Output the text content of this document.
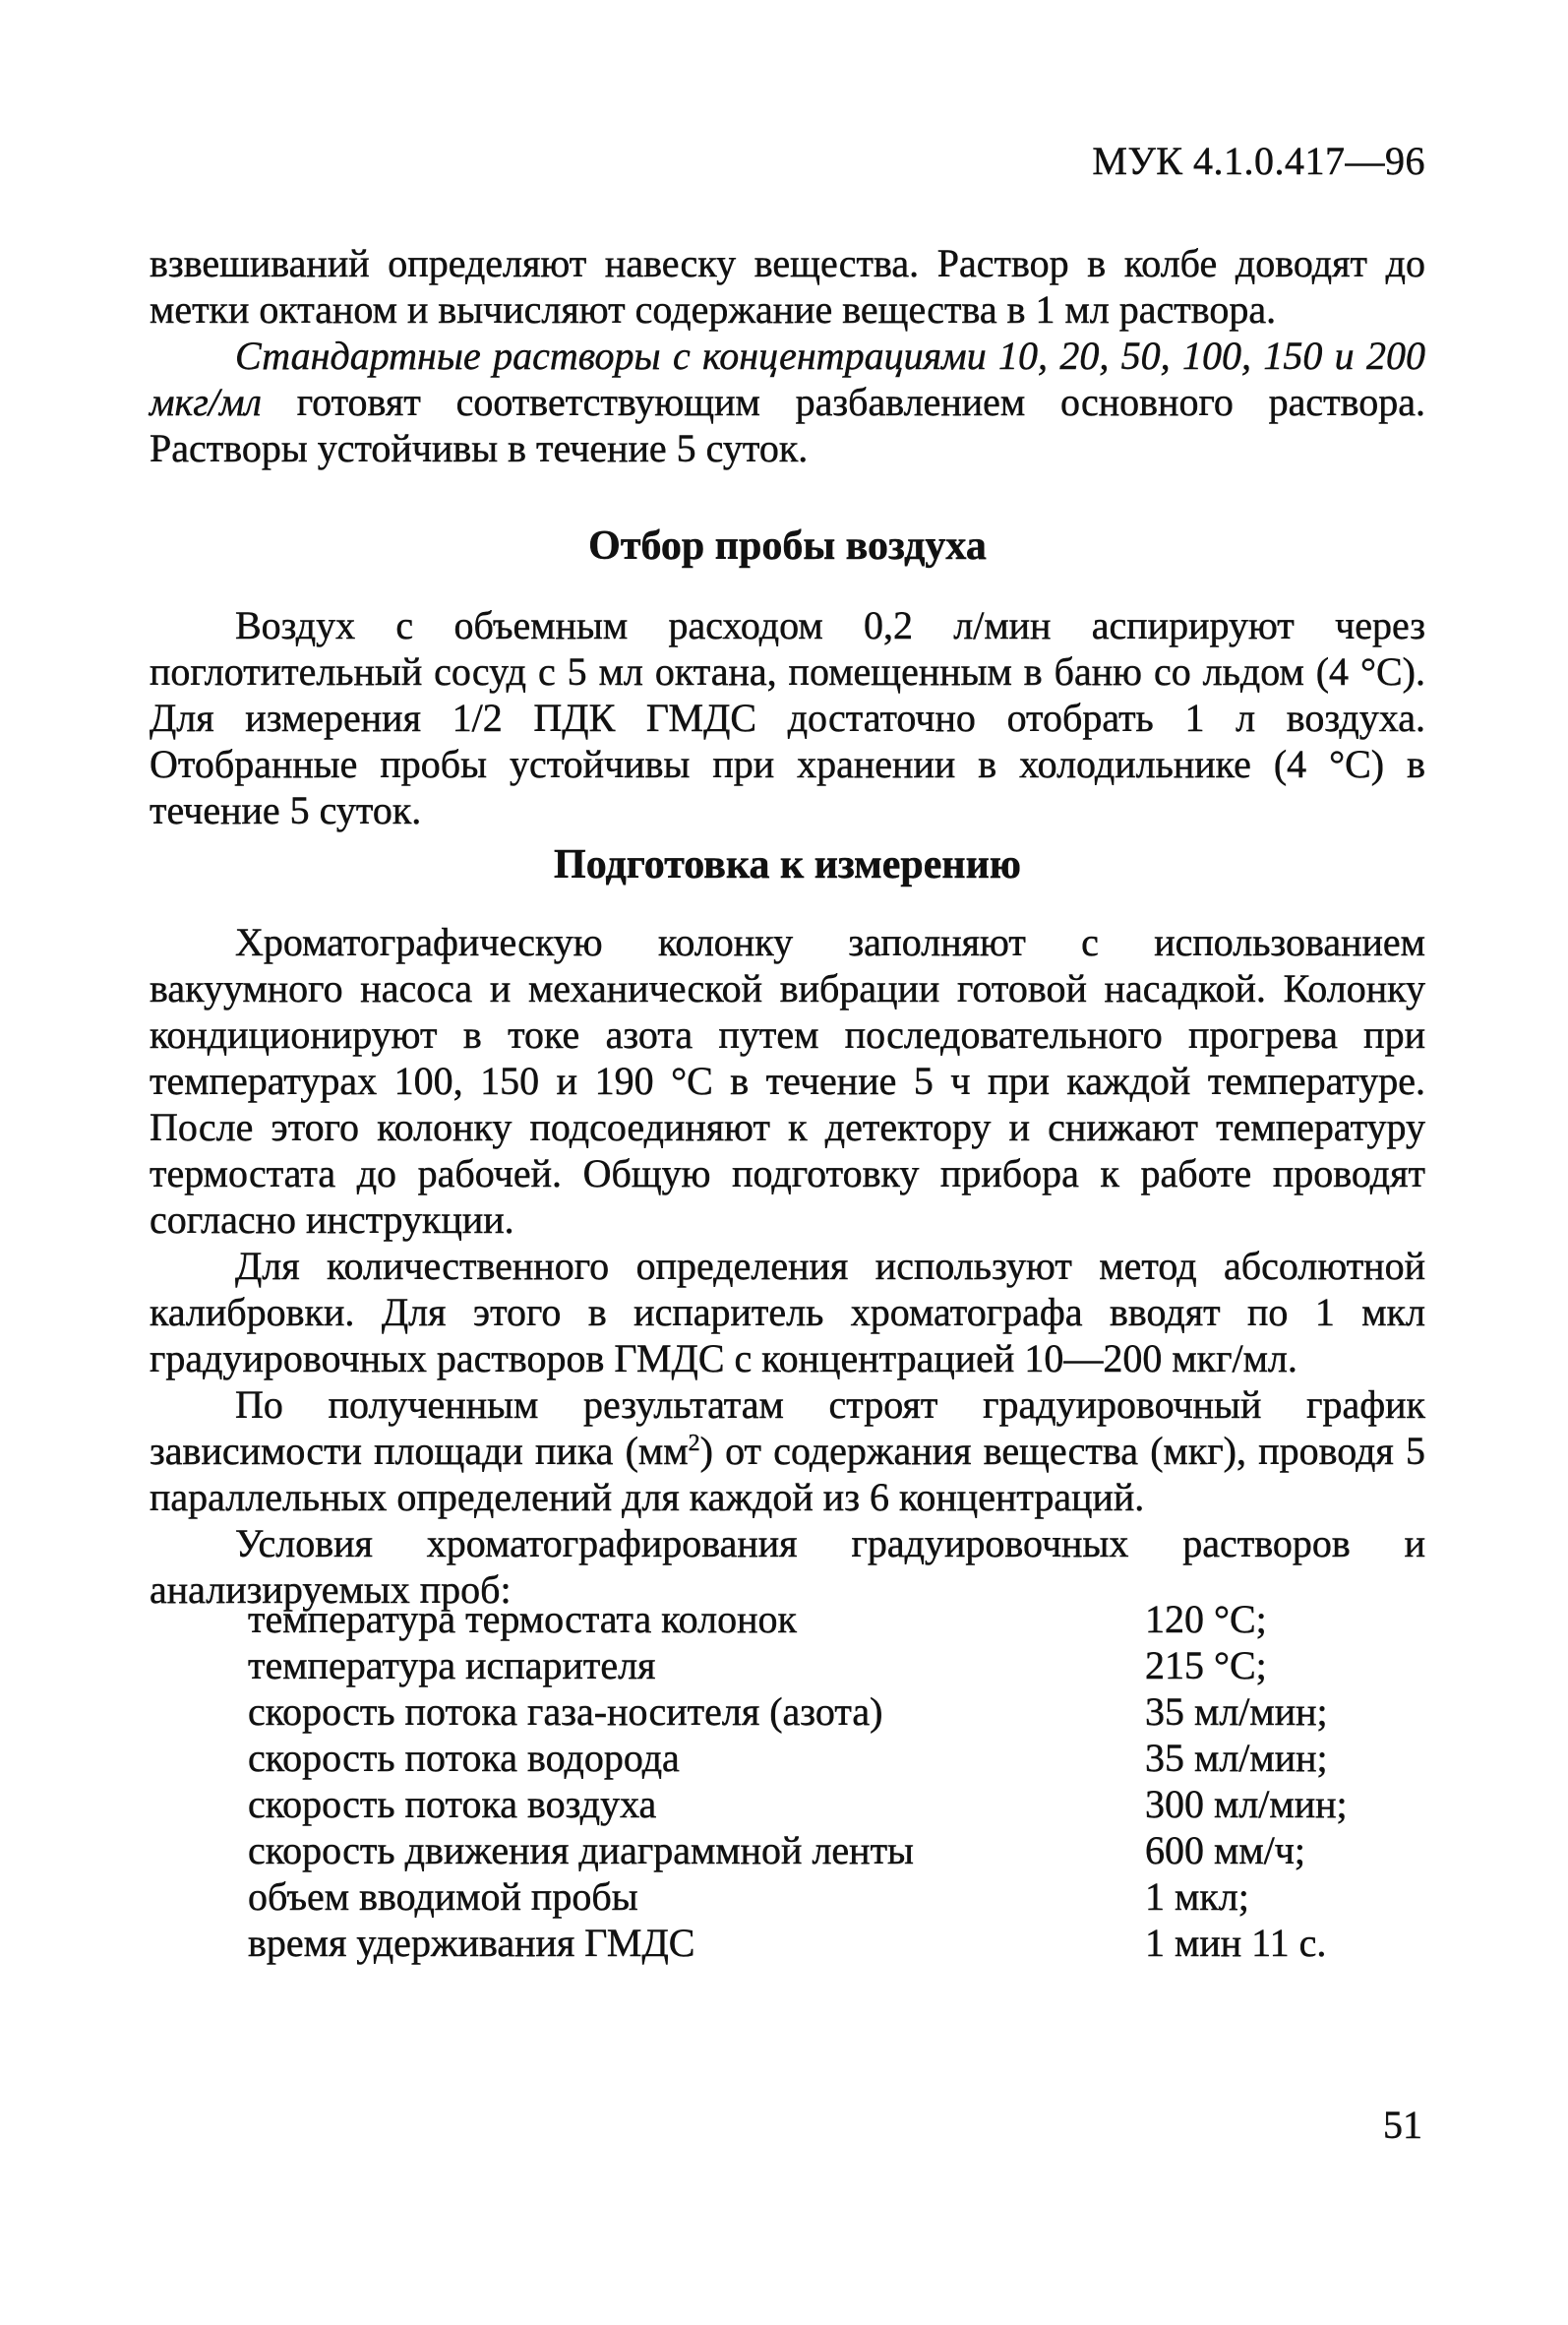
МУК 4.1.0.417—96

взвешиваний определяют навеску вещества. Раствор в колбе доводят до метки октаном и вычисляют содержание вещества в 1 мл раствора.

Стандартные растворы с концентрациями 10, 20, 50, 100, 150 и 200 мкг/мл готовят соответствующим разбавлением основного раствора. Растворы устойчивы в течение 5 суток.

Отбор пробы воздуха

Воздух с объемным расходом 0,2 л/мин аспирируют через поглотительный сосуд с 5 мл октана, помещенным в баню со льдом (4 °С). Для измерения 1/2 ПДК ГМДС достаточно отобрать 1 л воздуха. Отобранные пробы устойчивы при хранении в холодильнике (4 °С) в течение 5 суток.

Подготовка к измерению

Хроматографическую колонку заполняют с использованием вакуумного насоса и механической вибрации готовой насадкой. Колонку кондиционируют в токе азота путем последовательного прогрева при температурах 100, 150 и 190 °С в течение 5 ч при каждой температуре. После этого колонку подсоединяют к детектору и снижают температуру термостата до рабочей. Общую подготовку прибора к работе проводят согласно инструкции.

Для количественного определения используют метод абсолютной калибровки. Для этого в испаритель хроматографа вводят по 1 мкл градуировочных растворов ГМДС с концентрацией 10—200 мкг/мл.

По полученным результатам строят градуировочный график зависимости площади пика $(мм^2)$ от содержания вещества (мкг), проводя 5 параллельных определений для каждой из 6 концентраций.

Условия хроматографирования градуировочных растворов и анализируемых проб:

температура термостата колонок	120 °С;
температура испарителя	215 °С;
скорость потока газа-носителя (азота)	35 мл/мин;
скорость потока водорода	35 мл/мин;
скорость потока воздуха	300 мл/мин;
скорость движения диаграммной ленты	600 мм/ч;
объем вводимой пробы	1 мкл;
время удерживания ГМДС	1 мин 11 с.
51
